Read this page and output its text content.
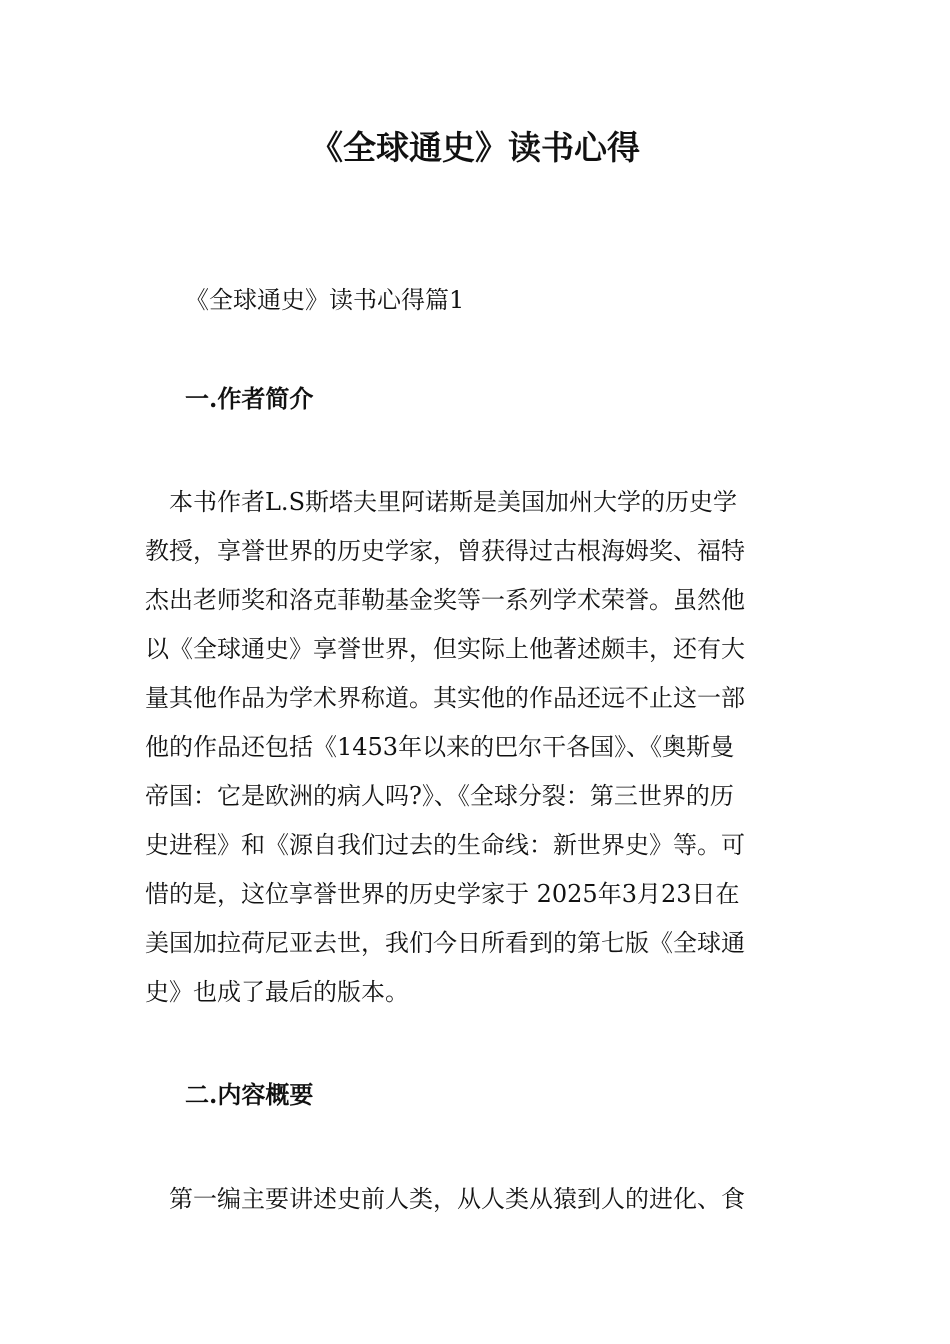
《全球通史》读书心得

《全球通史》读书心得篇1

一.作者简介
　本书作者L.S斯塔夫里阿诺斯是美国加州大学的历史学
教授，享誉世界的历史学家，曾获得过古根海姆奖、福特
杰出老师奖和洛克菲勒基金奖等一系列学术荣誉。虽然他
以《全球通史》享誉世界，但实际上他著述颇丰，还有大
量其他作品为学术界称道。其实他的作品还远不止这一部
他的作品还包括《1453年以来的巴尔干各国》、《奥斯曼
帝国：它是欧洲的病人吗?》、《全球分裂：第三世界的历
史进程》和《源自我们过去的生命线：新世界史》等。可
惜的是，这位享誉世界的历史学家于 2025年3月23日在
美国加拉荷尼亚去世，我们今日所看到的第七版《全球通
史》也成了最后的版本。
二.内容概要
　第一编主要讲述史前人类，从人类从猿到人的进化、食
